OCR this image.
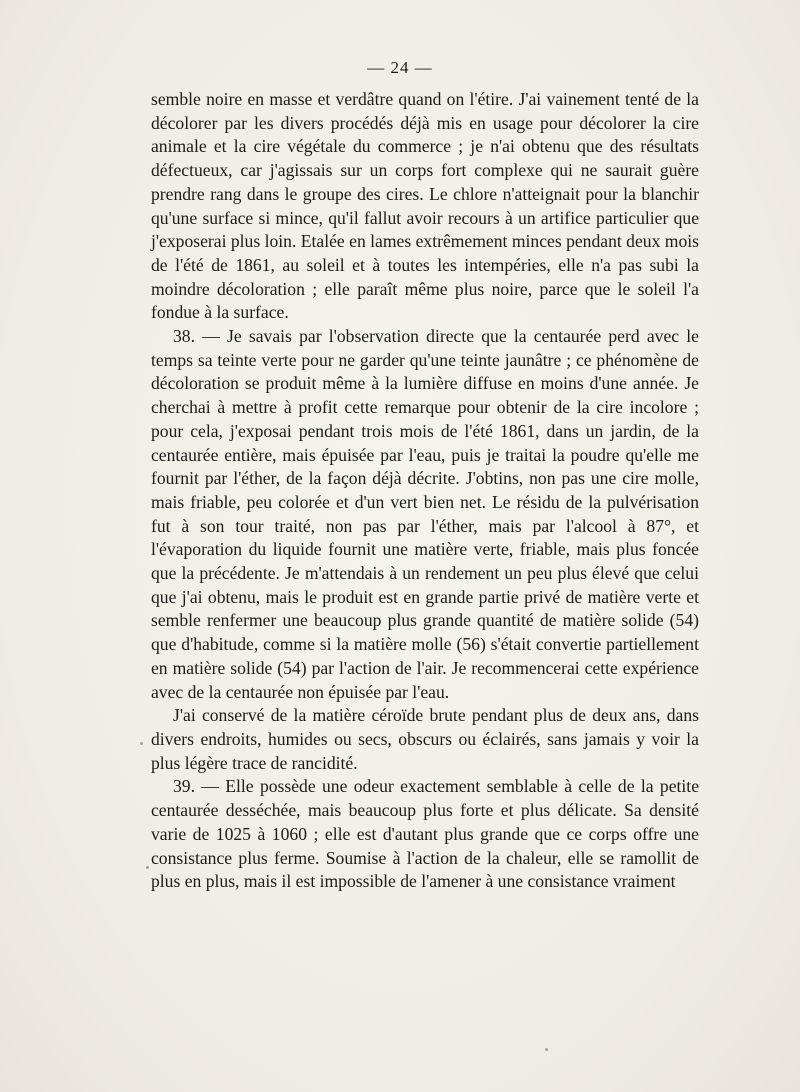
— 24 —

semble noire en masse et verdâtre quand on l'étire. J'ai vainement tenté de la décolorer par les divers procédés déjà mis en usage pour décolorer la cire animale et la cire végétale du commerce ; je n'ai obtenu que des résultats défectueux, car j'agissais sur un corps fort complexe qui ne saurait guère prendre rang dans le groupe des cires. Le chlore n'atteignait pour la blanchir qu'une surface si mince, qu'il fallut avoir recours à un artifice particulier que j'exposerai plus loin. Etalée en lames extrêmement minces pendant deux mois de l'été de 1861, au soleil et à toutes les intempéries, elle n'a pas subi la moindre décoloration ; elle paraît même plus noire, parce que le soleil l'a fondue à la surface.

38. — Je savais par l'observation directe que la centaurée perd avec le temps sa teinte verte pour ne garder qu'une teinte jaunâtre ; ce phénomène de décoloration se produit même à la lumière diffuse en moins d'une année. Je cherchai à mettre à profit cette remarque pour obtenir de la cire incolore ; pour cela, j'exposai pendant trois mois de l'été 1861, dans un jardin, de la centaurée entière, mais épuisée par l'eau, puis je traitai la poudre qu'elle me fournit par l'éther, de la façon déjà décrite. J'obtins, non pas une cire molle, mais friable, peu colorée et d'un vert bien net. Le résidu de la pulvérisation fut à son tour traité, non pas par l'éther, mais par l'alcool à 87°, et l'évaporation du liquide fournit une matière verte, friable, mais plus foncée que la précédente. Je m'attendais à un rendement un peu plus élevé que celui que j'ai obtenu, mais le produit est en grande partie privé de matière verte et semble renfermer une beaucoup plus grande quantité de matière solide (54) que d'habitude, comme si la matière molle (56) s'était convertie partiellement en matière solide (54) par l'action de l'air. Je recommencerai cette expérience avec de la centaurée non épuisée par l'eau.

J'ai conservé de la matière céroïde brute pendant plus de deux ans, dans divers endroits, humides ou secs, obscurs ou éclairés, sans jamais y voir la plus légère trace de rancidité.

39. — Elle possède une odeur exactement semblable à celle de la petite centaurée desséchée, mais beaucoup plus forte et plus délicate. Sa densité varie de 1025 à 1060 ; elle est d'autant plus grande que ce corps offre une consistance plus ferme. Soumise à l'action de la chaleur, elle se ramollit de plus en plus, mais il est impossible de l'amener à une consistance vraiment
